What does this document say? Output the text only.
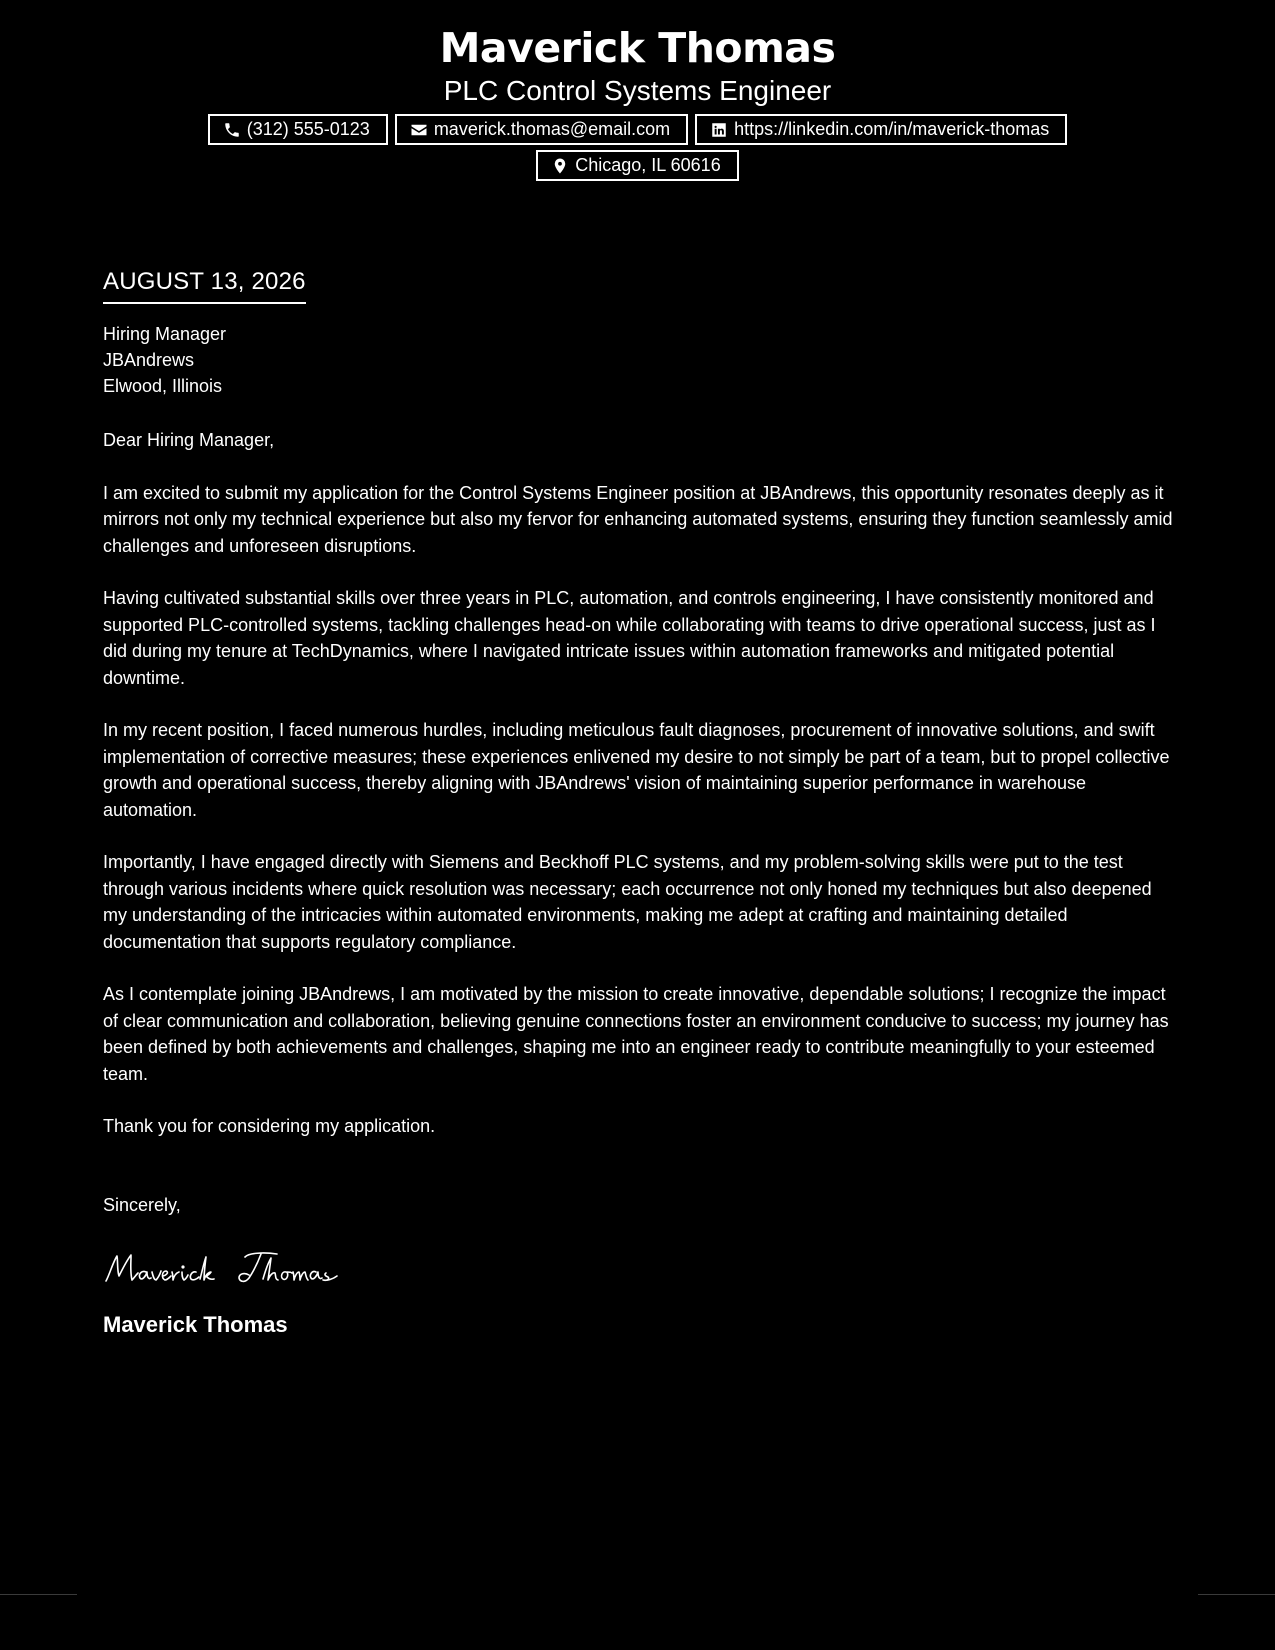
Maverick Thomas
PLC Control Systems Engineer
(312) 555-0123	maverick.thomas@email.com	https://linkedin.com/in/maverick-thomas
Chicago, IL 60616
AUGUST 13, 2026
Hiring Manager
JBAndrews
Elwood, Illinois
Dear Hiring Manager,

I am excited to submit my application for the Control Systems Engineer position at JBAndrews, this opportunity resonates deeply as it mirrors not only my technical experience but also my fervor for enhancing automated systems, ensuring they function seamlessly amid challenges and unforeseen disruptions.

Having cultivated substantial skills over three years in PLC, automation, and controls engineering, I have consistently monitored and supported PLC-controlled systems, tackling challenges head-on while collaborating with teams to drive operational success, just as I did during my tenure at TechDynamics, where I navigated intricate issues within automation frameworks and mitigated potential downtime.

In my recent position, I faced numerous hurdles, including meticulous fault diagnoses, procurement of innovative solutions, and swift implementation of corrective measures; these experiences enlivened my desire to not simply be part of a team, but to propel collective growth and operational success, thereby aligning with JBAndrews' vision of maintaining superior performance in warehouse automation.

Importantly, I have engaged directly with Siemens and Beckhoff PLC systems, and my problem-solving skills were put to the test through various incidents where quick resolution was necessary; each occurrence not only honed my techniques but also deepened my understanding of the intricacies within automated environments, making me adept at crafting and maintaining detailed documentation that supports regulatory compliance.

As I contemplate joining JBAndrews, I am motivated by the mission to create innovative, dependable solutions; I recognize the impact of clear communication and collaboration, believing genuine connections foster an environment conducive to success; my journey has been defined by both achievements and challenges, shaping me into an engineer ready to contribute meaningfully to your esteemed team.

Thank you for considering my application.
Sincerely,
Maverick Thomas
